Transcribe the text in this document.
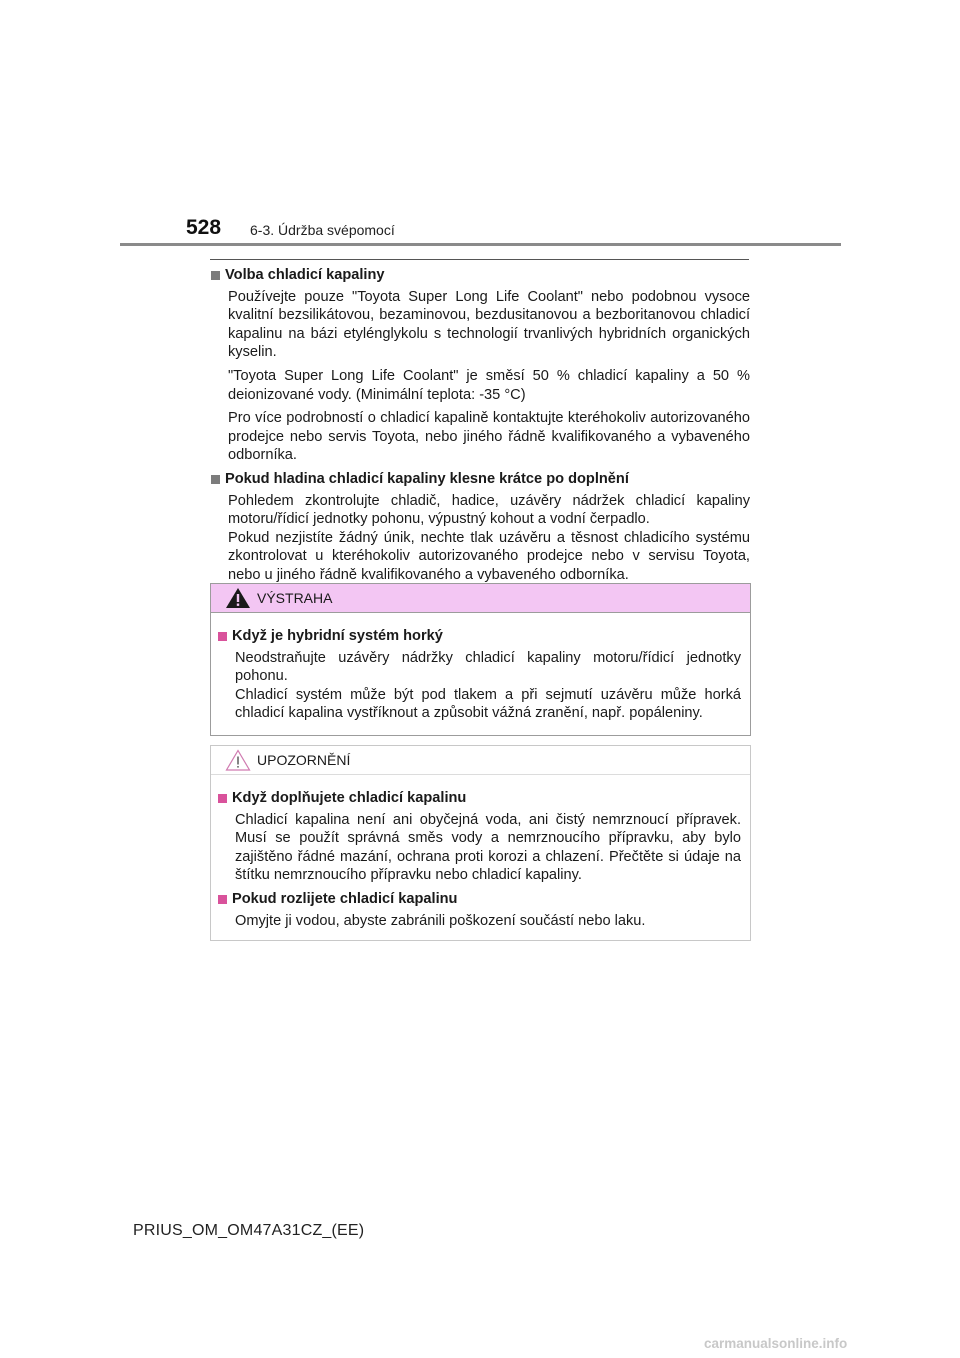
528 6-3. Údržba svépomocí
Volba chladicí kapaliny
Používejte pouze "Toyota Super Long Life Coolant" nebo podobnou vysoce kvalitní bezsilikátovou, bezaminovou, bezdusitanovou a bezboritanovou chladicí kapalinu na bázi etylénglykolu s technologií trvanlivých hybridních organických kyselin.
"Toyota Super Long Life Coolant" je směsí 50 % chladicí kapaliny a 50 % deionizované vody. (Minimální teplota: -35 °C)
Pro více podrobností o chladicí kapalině kontaktujte kteréhokoliv autorizovaného prodejce nebo servis Toyota, nebo jiného řádně kvalifikovaného a vybaveného odborníka.
Pokud hladina chladicí kapaliny klesne krátce po doplnění
Pohledem zkontrolujte chladič, hadice, uzávěry nádržek chladicí kapaliny motoru/řídicí jednotky pohonu, výpustný kohout a vodní čerpadlo.
Pokud nezjistíte žádný únik, nechte tlak uzávěru a těsnost chladicího systému zkontrolovat u kteréhokoliv autorizovaného prodejce nebo v servisu Toyota, nebo u jiného řádně kvalifikovaného a vybaveného odborníka.
VÝSTRAHA
Když je hybridní systém horký
Neodstraňujte uzávěry nádržky chladicí kapaliny motoru/řídicí jednotky pohonu.
Chladicí systém může být pod tlakem a při sejmutí uzávěru může horká chladicí kapalina vystříknout a způsobit vážná zranění, např. popáleniny.
UPOZORNĚNÍ
Když doplňujete chladicí kapalinu
Chladicí kapalina není ani obyčejná voda, ani čistý nemrznoucí přípravek. Musí se použít správná směs vody a nemrznoucího přípravku, aby bylo zajištěno řádné mazání, ochrana proti korozi a chlazení. Přečtěte si údaje na štítku nemrznoucího přípravku nebo chladicí kapaliny.
Pokud rozlijete chladicí kapalinu
Omyjte ji vodou, abyste zabránili poškození součástí nebo laku.
PRIUS_OM_OM47A31CZ_(EE)
carmanualsonline.info
